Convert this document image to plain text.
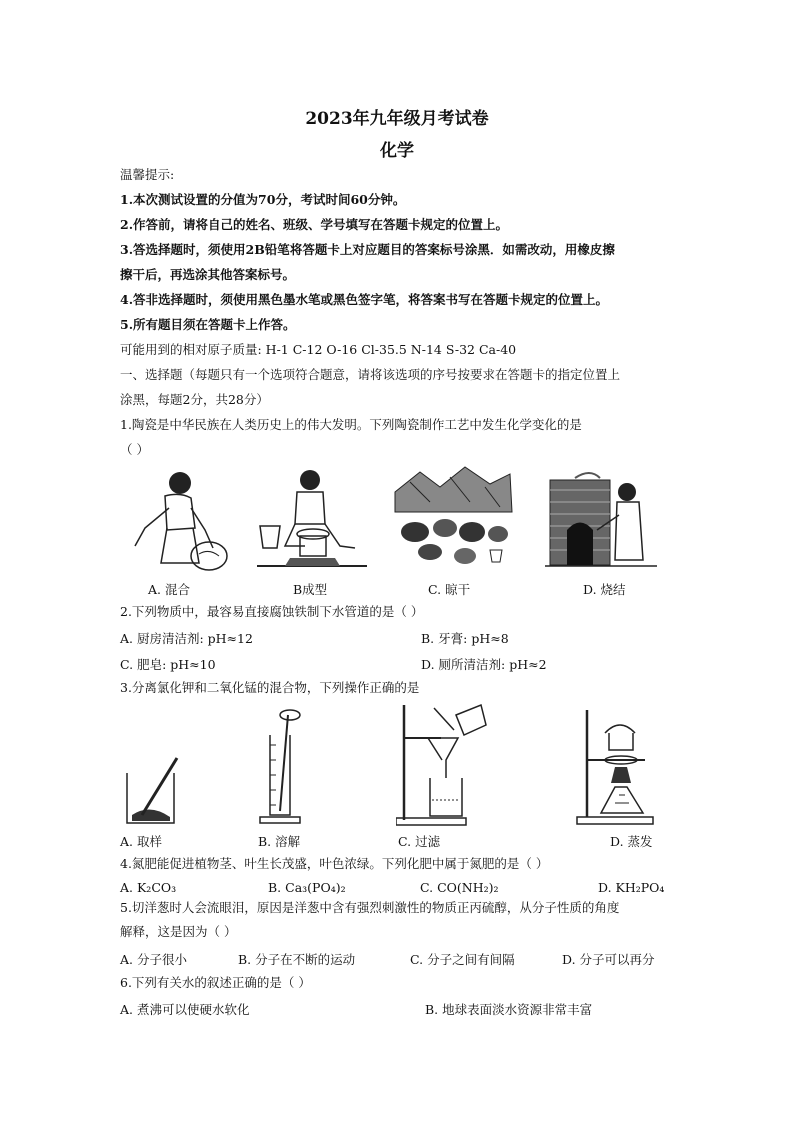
2023年九年级月考试卷
化学
温馨提示:
1.本次测试设置的分值为70分，考试时间60分钟。
2.作答前，请将自己的姓名、班级、学号填写在答题卡规定的位置上。
3.答选择题时，须使用2B铅笔将答题卡上对应题目的答案标号涂黑．如需改动，用橡皮擦
擦干后，再选涂其他答案标号。
4.答非选择题时，须使用黑色墨水笔或黑色签字笔，将答案书写在答题卡规定的位置上。
5.所有题目须在答题卡上作答。
可能用到的相对原子质量: H-1 C-12 O-16 Cl-35.5 N-14 S-32 Ca-40
一、选择题（每题只有一个选项符合题意，请将该选项的序号按要求在答题卡的指定位置上
涂黑，每题2分，共28分）
1.陶瓷是中华民族在人类历史上的伟大发明。下列陶瓷制作工艺中发生化学变化的是
（ ）
A. 混合	B成型	C. 晾干	D. 烧结
2.下列物质中，最容易直接腐蚀铁制下水管道的是（ ）
A. 厨房清洁剂: pH≈12	B. 牙膏: pH≈8
C. 肥皂: pH≈10	D. 厕所清洁剂: pH≈2
3.分离氯化钾和二氧化锰的混合物，下列操作正确的是
A. 取样	B. 溶解	C. 过滤	D. 蒸发
4.氮肥能促进植物茎、叶生长茂盛，叶色浓绿。下列化肥中属于氮肥的是（ ）
A. K₂CO₃	B. Ca₃(PO₄)₂	C. CO(NH₂)₂	D. KH₂PO₄
5.切洋葱时人会流眼泪，原因是洋葱中含有强烈刺激性的物质正丙硫醇，从分子性质的角度
解释，这是因为（ ）
A. 分子很小	B. 分子在不断的运动	C. 分子之间有间隔	D. 分子可以再分
6.下列有关水的叙述正确的是（ ）
A. 煮沸可以使硬水软化	B. 地球表面淡水资源非常丰富
